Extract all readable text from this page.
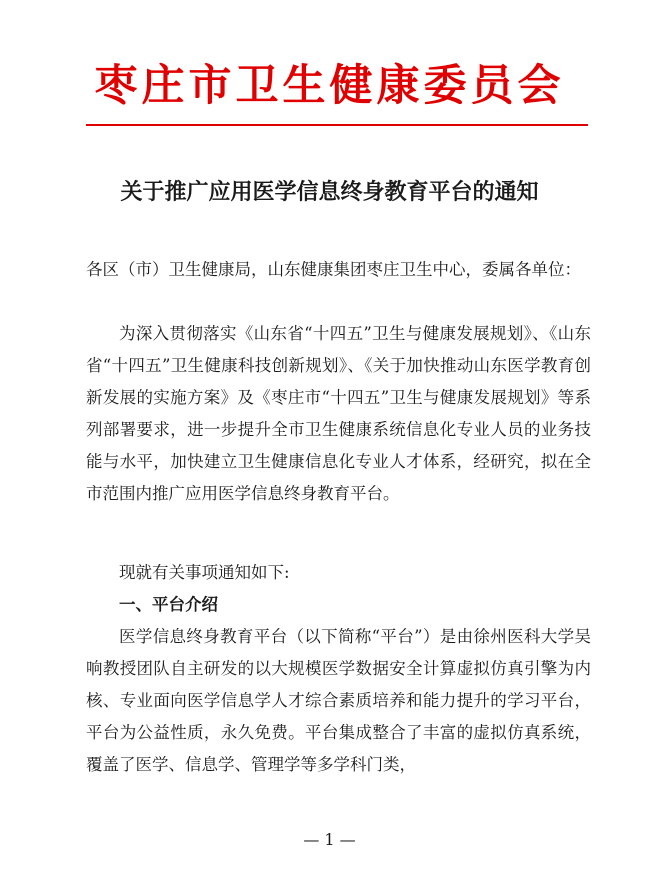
枣庄市卫生健康委员会
关于推广应用医学信息终身教育平台的通知
各区（市）卫生健康局，山东健康集团枣庄卫生中心，委属各单位：
为深入贯彻落实《山东省“十四五”卫生与健康发展规划》、《山东省“十四五”卫生健康科技创新规划》、《关于加快推动山东医学教育创新发展的实施方案》及《枣庄市“十四五”卫生与健康发展规划》等系列部署要求，进一步提升全市卫生健康系统信息化专业人员的业务技能与水平，加快建立卫生健康信息化专业人才体系，经研究，拟在全市范围内推广应用医学信息终身教育平台。
现就有关事项通知如下:
一、平台介绍
医学信息终身教育平台（以下简称“平台”）是由徐州医科大学吴响教授团队自主研发的以大规模医学数据安全计算虚拟仿真引擎为内核、专业面向医学信息学人才综合素质培养和能力提升的学习平台，平台为公益性质，永久免费。平台集成整合了丰富的虚拟仿真系统，覆盖了医学、信息学、管理学等多学科门类，
— 1 —
